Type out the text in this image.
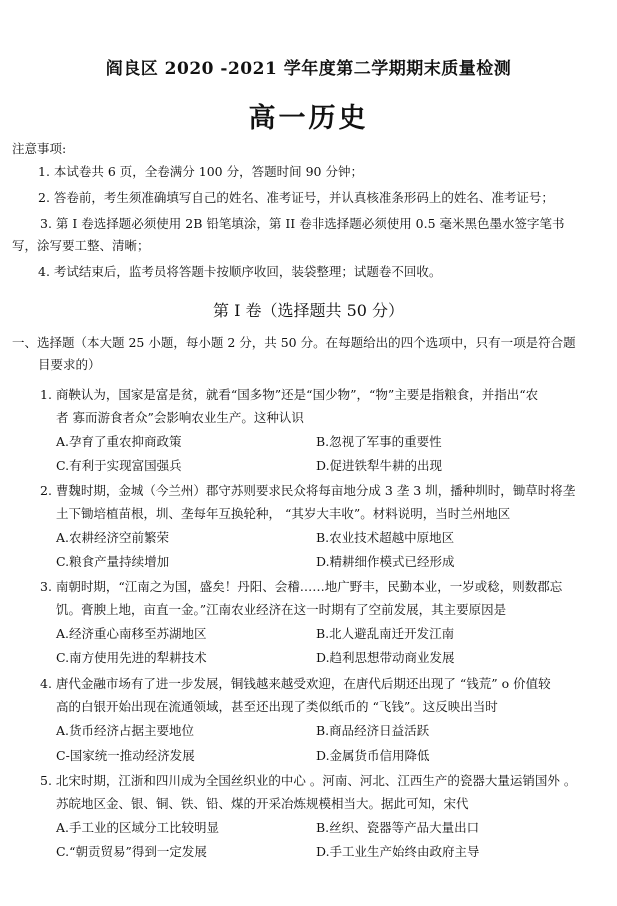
阎良区 2020 -2021 学年度第二学期期末质量检测
高一历史
注意事项:
1. 本试卷共 6 页，全卷满分 100 分，答题时间 90 分钟；
2. 答卷前，考生须准确填写自己的姓名、准考证号，并认真核准条形码上的姓名、准考证号；
3. 第 I 卷选择题必须使用 2B 铅笔填涂，第 II 卷非选择题必须使用 0.5 毫米黑色墨水签字笔书
写，涂写要工整、清晰；
4. 考试结束后，监考员将答题卡按顺序收回，装袋整理；试题卷不回收。
第 I 卷（选择题共 50 分）
一、选择题（本大题 25 小题，每小题 2 分，共 50 分。在每题给出的四个选项中，只有一项是符合题
目要求的）
1. 商鞅认为，国家是富是贫，就看“国多物”还是“国少物”，“物”主要是指粮食，并指出“农
者 寡而游食者众”会影响农业生产。这种认识
A.孕育了重农抑商政策	B.忽视了军事的重要性
C.有利于实现富国强兵	D.促进铁犁牛耕的出现
2. 曹魏时期，金城（今兰州）郡守苏则要求民众将每亩地分成 3 垄 3 圳，播种圳时，锄草时将垄
土下锄培植苗根，圳、垄每年互换轮种， “其岁大丰收”。材料说明，当时兰州地区
A.农耕经济空前繁荣	B.农业技术超越中原地区
C.粮食产量持续增加	D.精耕细作模式已经形成
3. 南朝时期，“江南之为国，盛矣！丹阳、会稽……地广野丰，民勤本业，一岁或稔，则数郡忘
饥。膏腴上地，亩直一金。”江南农业经济在这一时期有了空前发展，其主要原因是
A.经济重心南移至苏湖地区	B.北人避乱南迁开发江南
C.南方使用先进的犁耕技术	D.趋利思想带动商业发展
4. 唐代金融市场有了进一步发展，铜钱越来越受欢迎，在唐代后期还出现了 “钱荒” o 价值较
高的白银开始出现在流通领域，甚至还出现了类似纸币的 “飞钱”。这反映出当时
A.货币经济占据主要地位	B.商品经济日益活跃
C-国家统一推动经济发展	D.金属货币信用降低
5. 北宋时期，江浙和四川成为全国丝织业的中心 。河南、河北、江西生产的瓷器大量运销国外 。
苏皖地区金、银、铜、铁、铅、煤的开采冶炼规模相当大。据此可知，宋代
A.手工业的区域分工比较明显	B.丝织、瓷器等产品大量出口
C.“朝贡贸易”得到一定发展	D.手工业生产始终由政府主导
